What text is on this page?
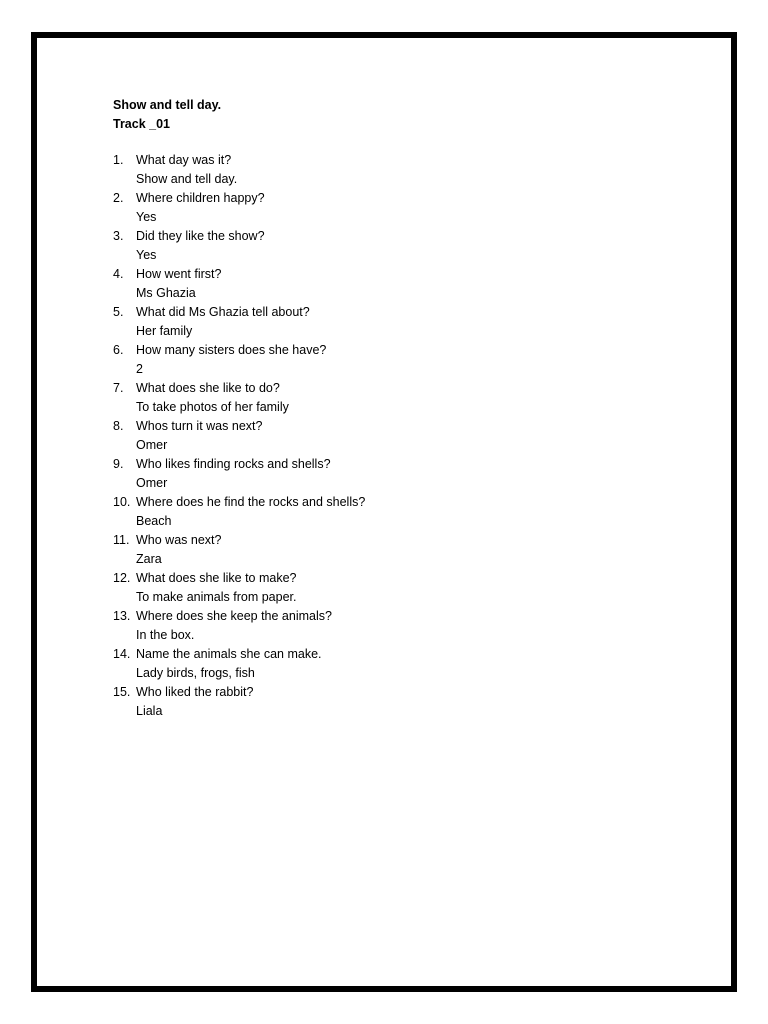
Show and tell day.

Track _01

1. What day was it?
Show and tell day.
2. Where children happy?
Yes
3. Did they like the show?
Yes
4. How went first?
Ms Ghazia
5. What did Ms Ghazia tell about?
Her family
6. How many sisters does she have?
2
7. What does she like to do?
To take photos of her family
8. Whos turn it was next?
Omer
9. Who likes finding rocks and shells?
Omer
10. Where does he find the rocks and shells?
Beach
11. Who was next?
Zara
12. What does she like to make?
To make animals from paper.
13. Where does she keep the animals?
In the box.
14. Name the animals she can make.
Lady birds, frogs, fish
15. Who liked the rabbit?
Liala
